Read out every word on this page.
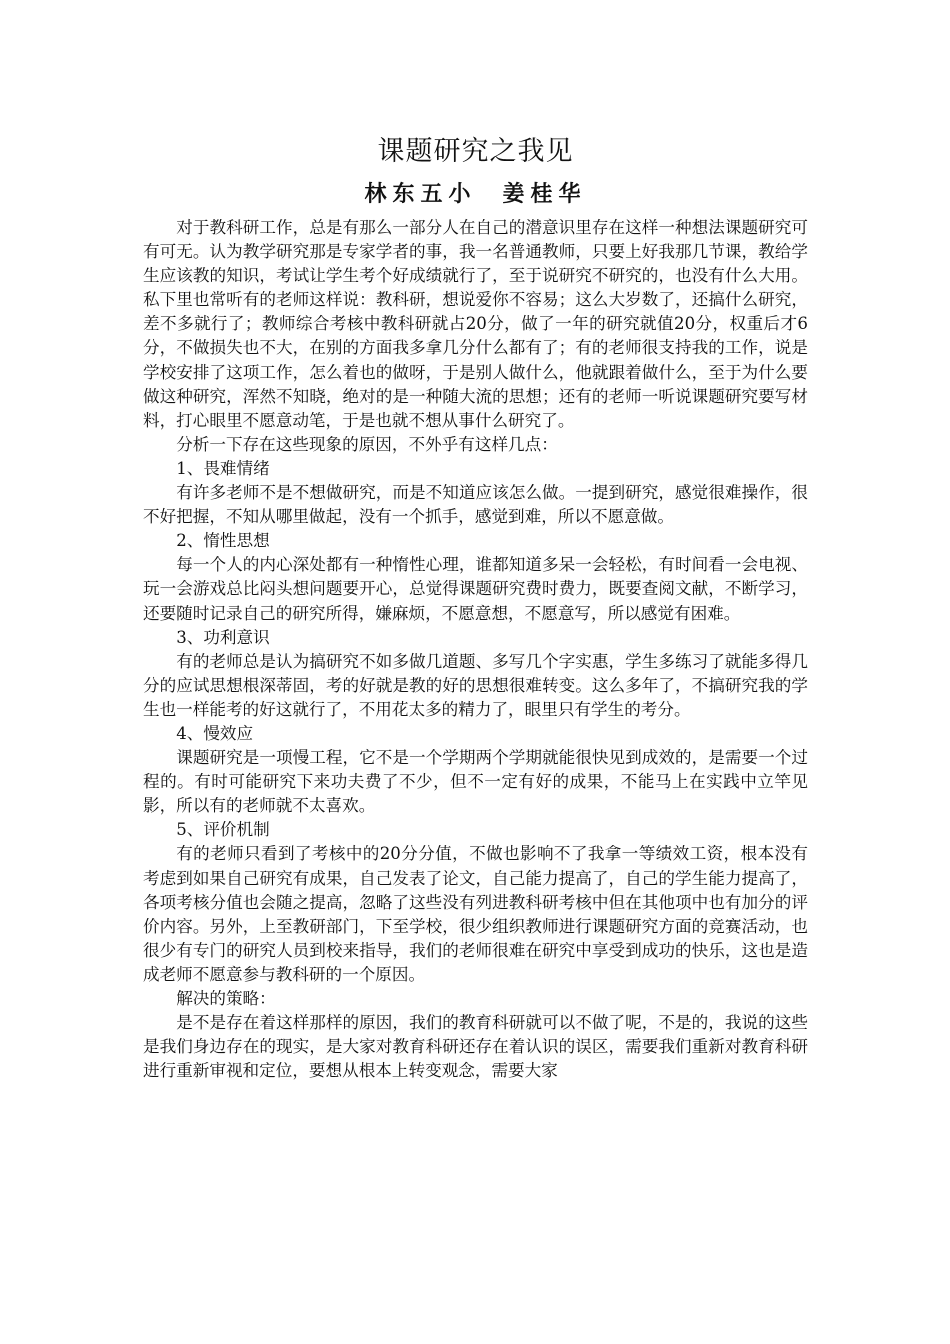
课题研究之我见
林东五小 姜桂华

对于教科研工作，总是有那么一部分人在自己的潜意识里存在这样一种想法课题研究可有可无。认为教学研究那是专家学者的事，我一名普通教师，只要上好我那几节课，教给学生应该教的知识，考试让学生考个好成绩就行了，至于说研究不研究的，也没有什么大用。私下里也常听有的老师这样说：教科研，想说爱你不容易；这么大岁数了，还搞什么研究，差不多就行了；教师综合考核中教科研就占20分，做了一年的研究就值20分，权重后才6分，不做损失也不大，在别的方面我多拿几分什么都有了；有的老师很支持我的工作，说是学校安排了这项工作，怎么着也的做呀，于是别人做什么，他就跟着做什么，至于为什么要做这种研究，浑然不知晓，绝对的是一种随大流的思想；还有的老师一听说课题研究要写材料，打心眼里不愿意动笔，于是也就不想从事什么研究了。

分析一下存在这些现象的原因，不外乎有这样几点：

1、畏难情绪

有许多老师不是不想做研究，而是不知道应该怎么做。一提到研究，感觉很难操作，很不好把握，不知从哪里做起，没有一个抓手，感觉到难，所以不愿意做。

2、惰性思想

每一个人的内心深处都有一种惰性心理，谁都知道多呆一会轻松，有时间看一会电视、玩一会游戏总比闷头想问题要开心，总觉得课题研究费时费力，既要查阅文献，不断学习，还要随时记录自己的研究所得，嫌麻烦，不愿意想，不愿意写，所以感觉有困难。

3、功利意识

有的老师总是认为搞研究不如多做几道题、多写几个字实惠，学生多练习了就能多得几分的应试思想根深蒂固，考的好就是教的好的思想很难转变。这么多年了，不搞研究我的学生也一样能考的好这就行了，不用花太多的精力了，眼里只有学生的考分。

4、慢效应

课题研究是一项慢工程，它不是一个学期两个学期就能很快见到成效的，是需要一个过程的。有时可能研究下来功夫费了不少，但不一定有好的成果，不能马上在实践中立竿见影，所以有的老师就不太喜欢。

5、评价机制

有的老师只看到了考核中的20分分值，不做也影响不了我拿一等绩效工资，根本没有考虑到如果自己研究有成果，自己发表了论文，自己能力提高了，自己的学生能力提高了，各项考核分值也会随之提高，忽略了这些没有列进教科研考核中但在其他项中也有加分的评价内容。另外，上至教研部门，下至学校，很少组织教师进行课题研究方面的竞赛活动，也很少有专门的研究人员到校来指导，我们的老师很难在研究中享受到成功的快乐，这也是造成老师不愿意参与教科研的一个原因。

解决的策略：

是不是存在着这样那样的原因，我们的教育科研就可以不做了呢，不是的，我说的这些是我们身边存在的现实，是大家对教育科研还存在着认识的误区，需要我们重新对教育科研进行重新审视和定位，要想从根本上转变观念，需要大家
